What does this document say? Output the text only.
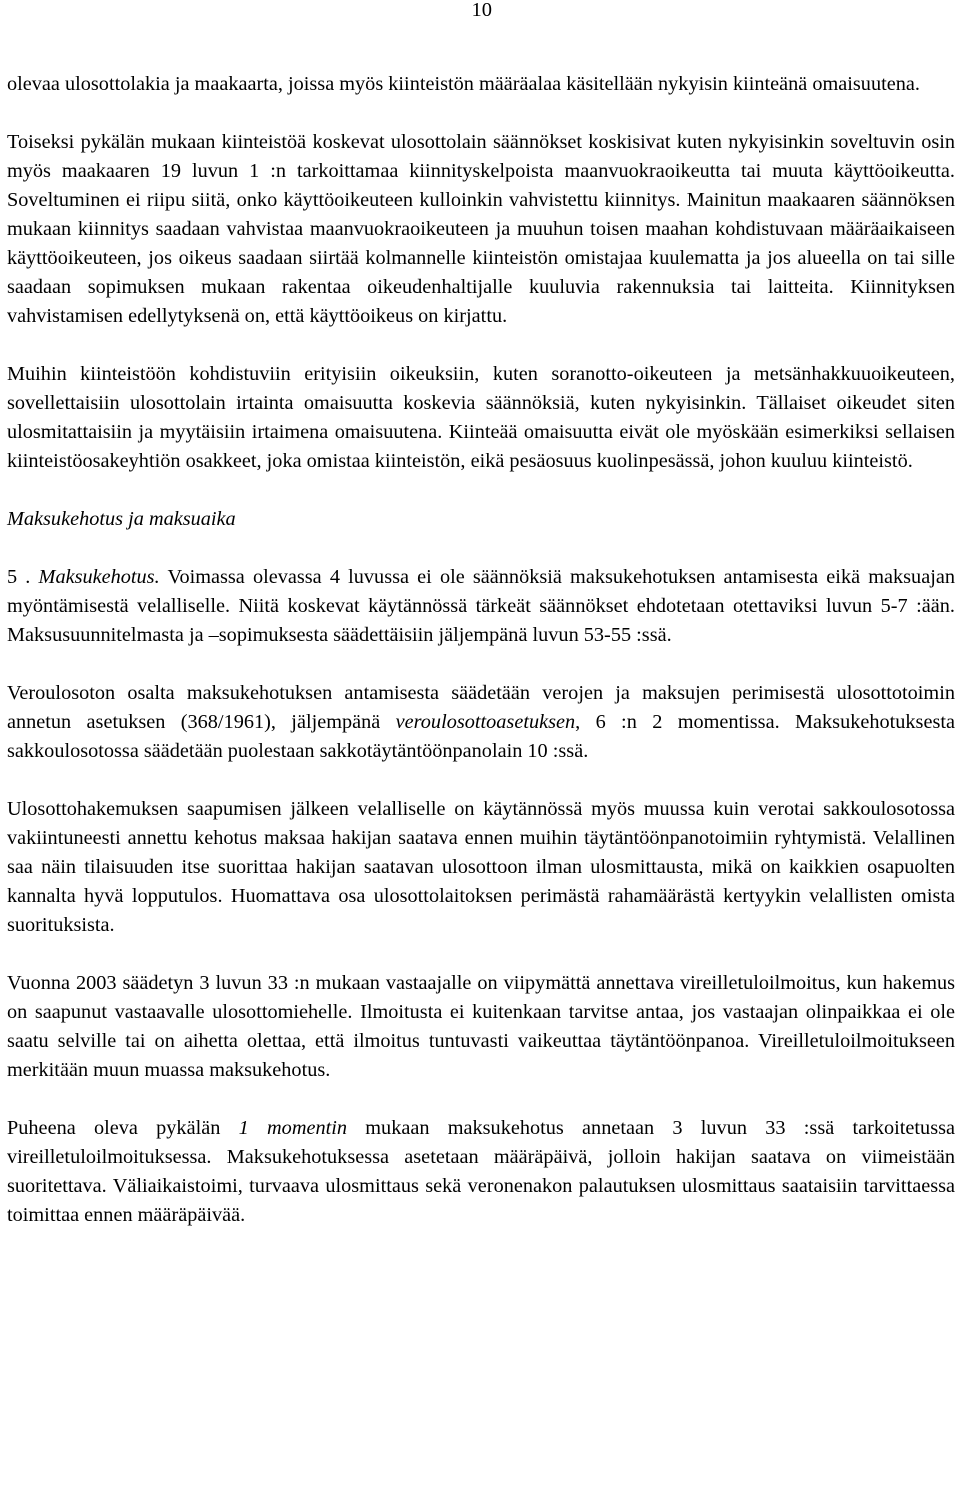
10

olevaa ulosottolakia ja maakaarta, joissa myös kiinteistön määräalaa käsitellään nykyisin kiinteänä omaisuutena.

Toiseksi pykälän mukaan kiinteistöä koskevat ulosottolain säännökset koskisivat kuten nykyisinkin soveltuvin osin myös maakaaren 19 luvun 1 :n tarkoittamaa kiinnityskelpoista maanvuokraoikeutta tai muuta käyttöoikeutta. Soveltuminen ei riipu siitä, onko käyttöoikeuteen kulloinkin vahvistettu kiinnitys. Mainitun maakaaren säännöksen mukaan kiinnitys saadaan vahvistaa maanvuokraoikeuteen ja muuhun toisen maahan kohdistuvaan määräaikaiseen käyttöoikeuteen, jos oikeus saadaan siirtää kolmannelle kiinteistön omistajaa kuulematta ja jos alueella on tai sille saadaan sopimuksen mukaan rakentaa oikeudenhaltijalle kuuluvia rakennuksia tai laitteita. Kiinnityksen vahvistamisen edellytyksenä on, että käyttöoikeus on kirjattu.

Muihin kiinteistöön kohdistuviin erityisiin oikeuksiin, kuten soranotto-oikeuteen ja metsänhakkuuoikeuteen, sovellettaisiin ulosottolain irtainta omaisuutta koskevia säännöksiä, kuten nykyisinkin. Tällaiset oikeudet siten ulosmitattaisiin ja myytäisiin irtaimena omaisuutena. Kiinteää omaisuutta eivät ole myöskään esimerkiksi sellaisen kiinteistöosakeyhtiön osakkeet, joka omistaa kiinteistön, eikä pesäosuus kuolinpesässä, johon kuuluu kiinteistö.

Maksukehotus ja maksuaika

5 . Maksukehotus. Voimassa olevassa 4 luvussa ei ole säännöksiä maksukehotuksen antamisesta eikä maksuajan myöntämisestä velalliselle. Niitä koskevat käytännössä tärkeät säännökset ehdotetaan otettaviksi luvun 5-7 :ään. Maksusuunnitelmasta ja –sopimuksesta säädettäisiin jäljempänä luvun 53-55 :ssä.

Veroulosoton osalta maksukehotuksen antamisesta säädetään verojen ja maksujen perimisestä ulosottotoimin annetun asetuksen (368/1961), jäljempänä veroulosottoasetuksen, 6 :n 2 momentissa. Maksukehotuksesta sakkoulosotossa säädetään puolestaan sakkotäytäntöönpanolain 10 :ssä.

Ulosottohakemuksen saapumisen jälkeen velalliselle on käytännössä myös muussa kuin verotai sakkoulosotossa vakiintuneesti annettu kehotus maksaa hakijan saatava ennen muihin täytäntöönpanotoimiin ryhtymistä. Velallinen saa näin tilaisuuden itse suorittaa hakijan saatavan ulosottoon ilman ulosmittausta, mikä on kaikkien osapuolten kannalta hyvä lopputulos. Huomattava osa ulosottolaitoksen perimästä rahamäärästä kertyykin velallisten omista suorituksista.

Vuonna 2003 säädetyn 3 luvun 33 :n mukaan vastaajalle on viipymättä annettava vireilletuloilmoitus, kun hakemus on saapunut vastaavalle ulosottomiehelle. Ilmoitusta ei kuitenkaan tarvitse antaa, jos vastaajan olinpaikkaa ei ole saatu selville tai on aihetta olettaa, että ilmoitus tuntuvasti vaikeuttaa täytäntöönpanoa. Vireilletuloilmoitukseen merkitään muun muassa maksukehotus.

Puheena oleva pykälän 1 momentin mukaan maksukehotus annetaan 3 luvun 33 :ssä tarkoitetussa vireilletuloilmoituksessa. Maksukehotuksessa asetetaan määräpäivä, jolloin hakijan saatava on viimeistään suoritettava. Väliaikaistoimi, turvaava ulosmittaus sekä veronenakon palautuksen ulosmittaus saataisiin tarvittaessa toimittaa ennen määräpäivää.
